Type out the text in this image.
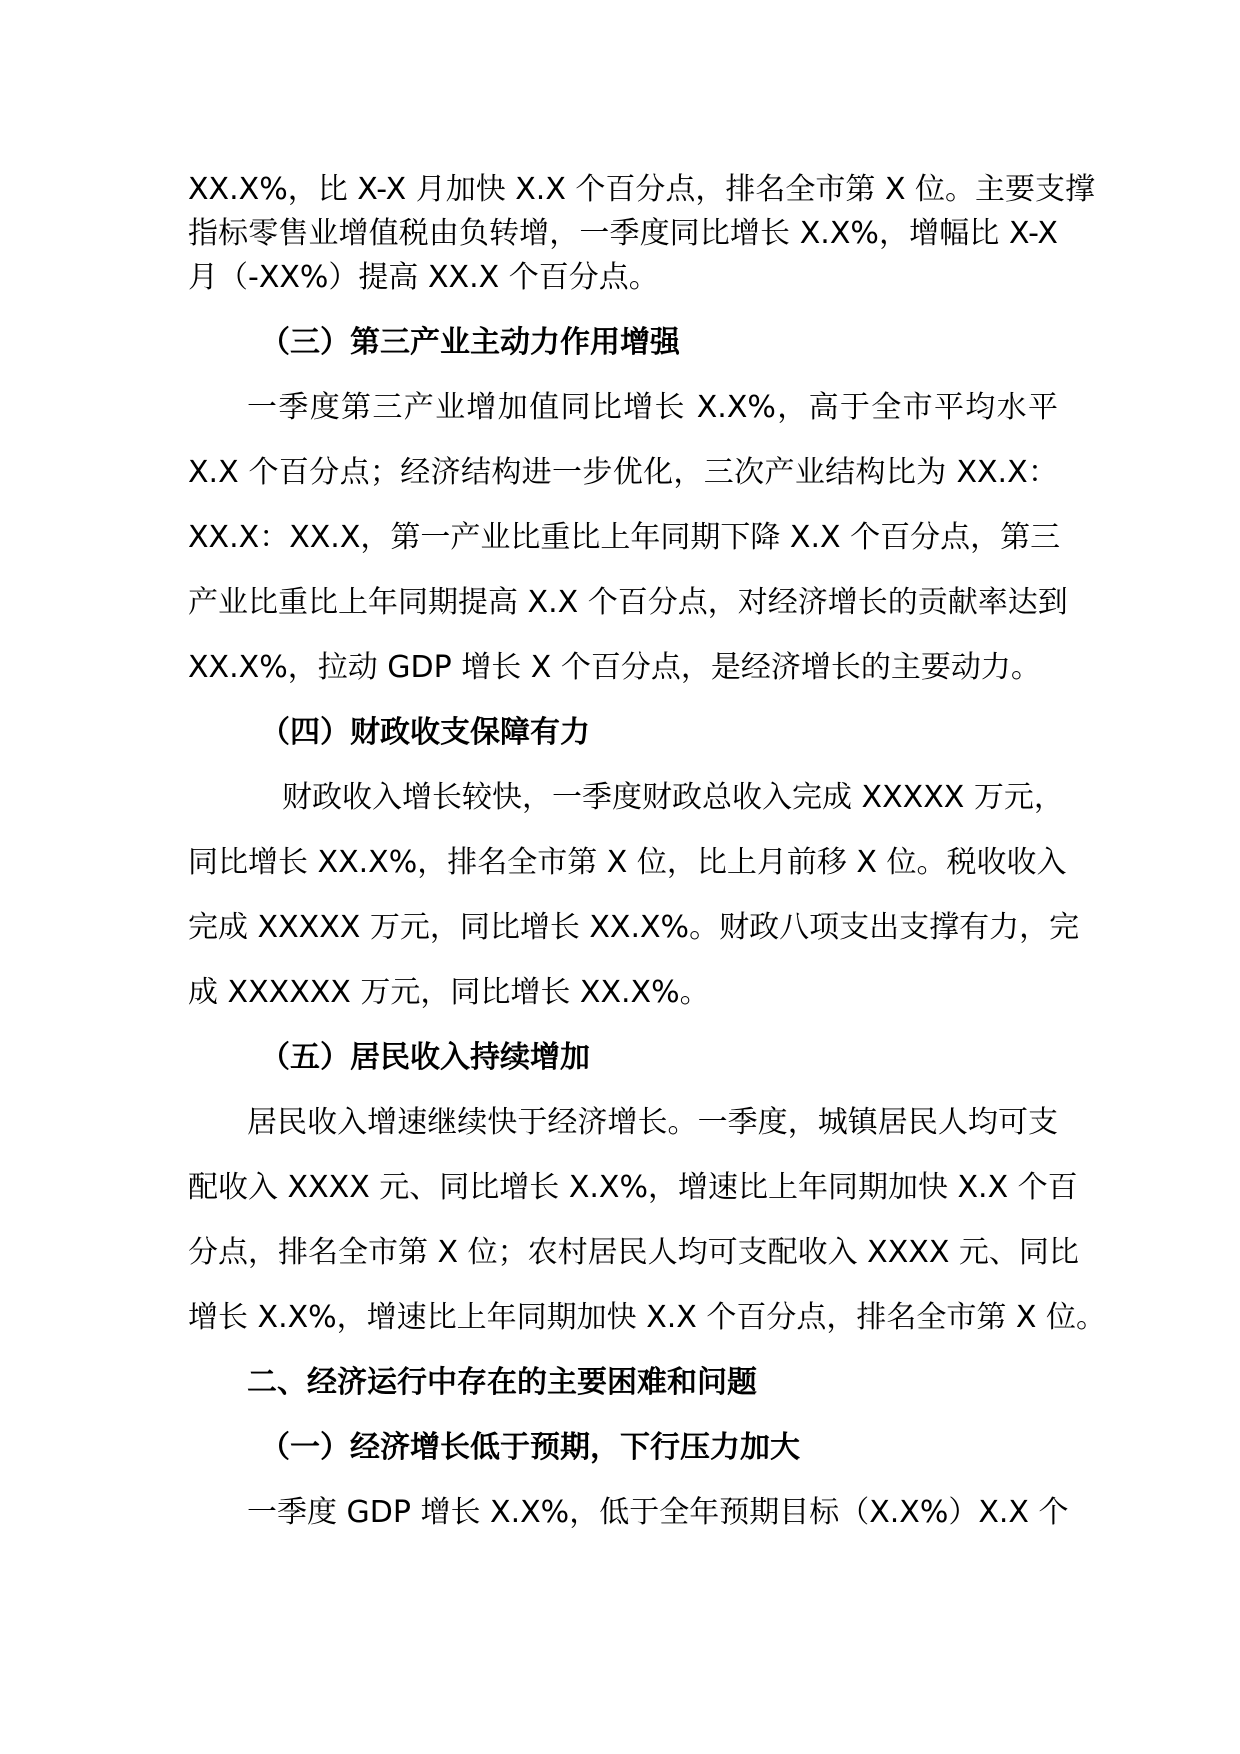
XX.X%，比 X-X 月加快 X.X 个百分点，排名全市第 X 位。主要支撑
指标零售业增值税由负转增，一季度同比增长 X.X%，增幅比 X-X
月（-XX%）提高 XX.X 个百分点。
（三）第三产业主动力作用增强
一季度第三产业增加值同比增长 X.X%，高于全市平均水平
X.X 个百分点；经济结构进一步优化，三次产业结构比为 XX.X：
XX.X：XX.X，第一产业比重比上年同期下降 X.X 个百分点，第三
产业比重比上年同期提高 X.X 个百分点，对经济增长的贡献率达到
XX.X%，拉动 GDP 增长 X 个百分点，是经济增长的主要动力。
（四）财政收支保障有力
财政收入增长较快，一季度财政总收入完成 XXXXX 万元，
同比增长 XX.X%，排名全市第 X 位，比上月前移 X 位。税收收入
完成 XXXXX 万元，同比增长 XX.X%。财政八项支出支撑有力，完
成 XXXXXX 万元，同比增长 XX.X%。
（五）居民收入持续增加
居民收入增速继续快于经济增长。一季度，城镇居民人均可支
配收入 XXXX 元、同比增长 X.X%，增速比上年同期加快 X.X 个百
分点，排名全市第 X 位；农村居民人均可支配收入 XXXX 元、同比
增长 X.X%，增速比上年同期加快 X.X 个百分点，排名全市第 X 位。
二、经济运行中存在的主要困难和问题
（一）经济增长低于预期，下行压力加大
一季度 GDP 增长 X.X%，低于全年预期目标（X.X%）X.X 个
